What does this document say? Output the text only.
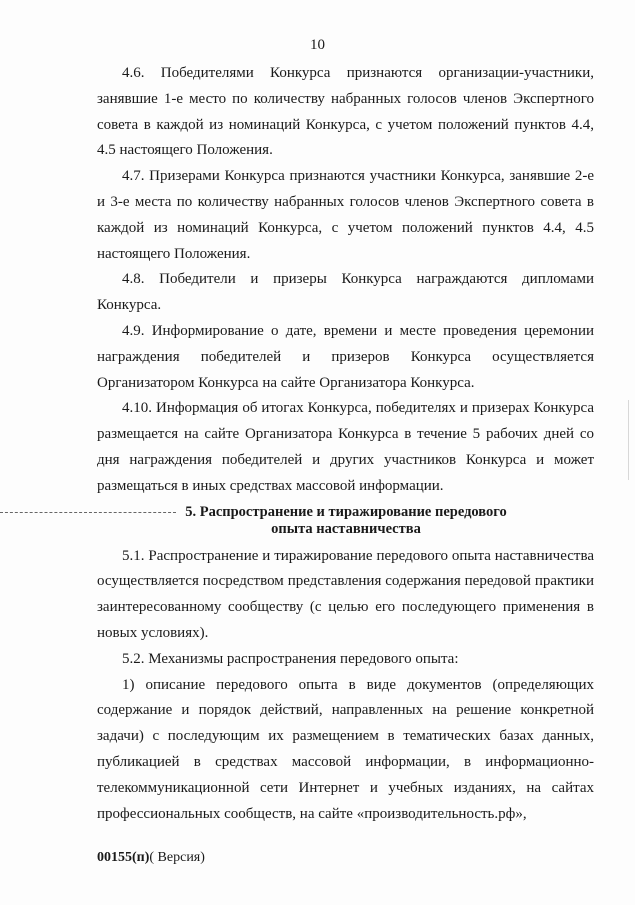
10

4.6. Победителями Конкурса признаются организации-участники, занявшие 1-е место по количеству набранных голосов членов Экспертного совета в каждой из номинаций Конкурса, с учетом положений пунктов 4.4, 4.5 настоящего Положения.

4.7. Призерами Конкурса признаются участники Конкурса, занявшие 2-е и 3-е места по количеству набранных голосов членов Экспертного совета в каждой из номинаций Конкурса, с учетом положений пунктов 4.4, 4.5 настоящего Положения.

4.8. Победители и призеры Конкурса награждаются дипломами Конкурса.

4.9. Информирование о дате, времени и месте проведения церемонии награждения победителей и призеров Конкурса осуществляется Организатором Конкурса на сайте Организатора Конкурса.

4.10. Информация об итогах Конкурса, победителях и призерах Конкурса размещается на сайте Организатора Конкурса в течение 5 рабочих дней со дня награждения победителей и других участников Конкурса и может размещаться в иных средствах массовой информации.

5. Распространение и тиражирование передового
опыта наставничества

5.1. Распространение и тиражирование передового опыта наставничества осуществляется посредством представления содержания передовой практики заинтересованному сообществу (с целью его последующего применения в новых условиях).

5.2. Механизмы распространения передового опыта:

1) описание передового опыта в виде документов (определяющих содержание и порядок действий, направленных на решение конкретной задачи) с последующим их размещением в тематических базах данных, публикацией в средствах массовой информации, в информационно-телекоммуникационной сети Интернет и учебных изданиях, на сайтах профессиональных сообществ, на сайте «производительность.рф»,

00155(п)( Версия)
